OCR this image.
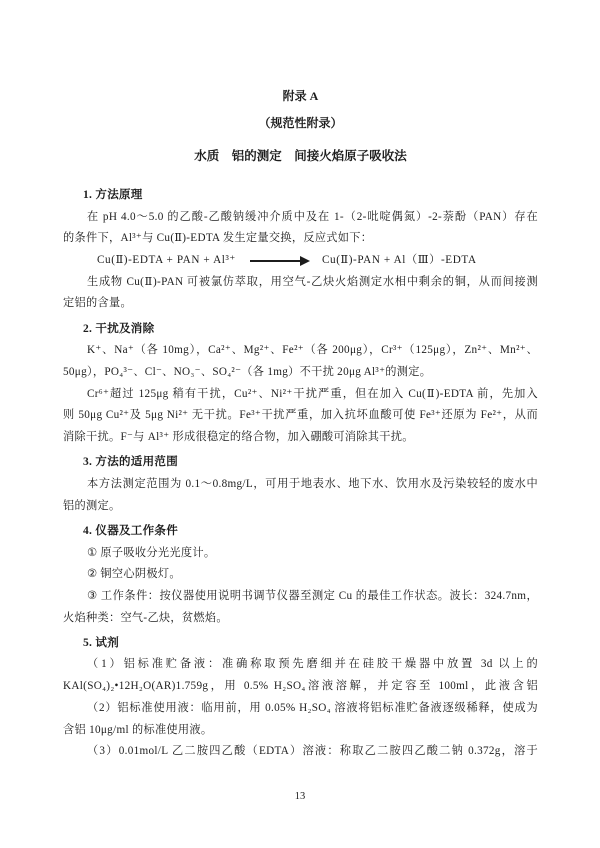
附录 A
（规范性附录）
水质　铝的测定　间接火焰原子吸收法
1. 方法原理
在 pH 4.0～5.0 的乙酸-乙酸钠缓冲介质中及在 1-（2-吡啶偶氮）-2-萘酚（PAN）存在
的条件下，Al³⁺与 Cu(Ⅱ)-EDTA 发生定量交换，反应式如下：
Cu(Ⅱ)-EDTA + PAN + Al³⁺	Cu(Ⅱ)-PAN + Al（Ⅲ）-EDTA
生成物 Cu(Ⅱ)-PAN 可被氯仿萃取，用空气-乙炔火焰测定水相中剩余的铜，从而间接测
定铝的含量。
2. 干扰及消除
K⁺、Na⁺（各 10mg），Ca²⁺、Mg²⁺、Fe²⁺（各 200μg），Cr³⁺（125μg），Zn²⁺、Mn²⁺、
50μg），PO₄³⁻、Cl⁻、NO₃⁻、SO₄²⁻（各 1mg）不干扰 20μg Al³⁺的测定。
Cr⁶⁺超过 125μg 稍有干扰，Cu²⁺、Ni²⁺干扰严重，但在加入 Cu(Ⅱ)-EDTA 前，先加入
则 50μg Cu²⁺及 5μg Ni²⁺ 无干扰。Fe³⁺干扰严重，加入抗坏血酸可使 Fe³⁺还原为 Fe²⁺，从而
消除干扰。F⁻与 Al³⁺ 形成很稳定的络合物，加入硼酸可消除其干扰。
3. 方法的适用范围
本方法测定范围为 0.1～0.8mg/L，可用于地表水、地下水、饮用水及污染较轻的废水中
铝的测定。
4. 仪器及工作条件
① 原子吸收分光光度计。
② 铜空心阴极灯。
③ 工作条件：按仪器使用说明书调节仪器至测定 Cu 的最佳工作状态。波长：324.7nm，
火焰种类：空气-乙炔，贫燃焰。
5. 试剂
（1）铝标准贮备液：准确称取预先磨细并在硅胶干燥器中放置 3d 以上的
KAl(SO₄)₂•12H₂O(AR)1.759g，用 0.5% H₂SO₄溶液溶解，并定容至 100ml，此液含铝
（2）铝标准使用液：临用前，用 0.05% H₂SO₄ 溶液将铝标准贮备液逐级稀释，使成为
含铝 10μg/ml 的标准使用液。
（3）0.01mol/L 乙二胺四乙酸（EDTA）溶液：称取乙二胺四乙酸二钠 0.372g，溶于
13
